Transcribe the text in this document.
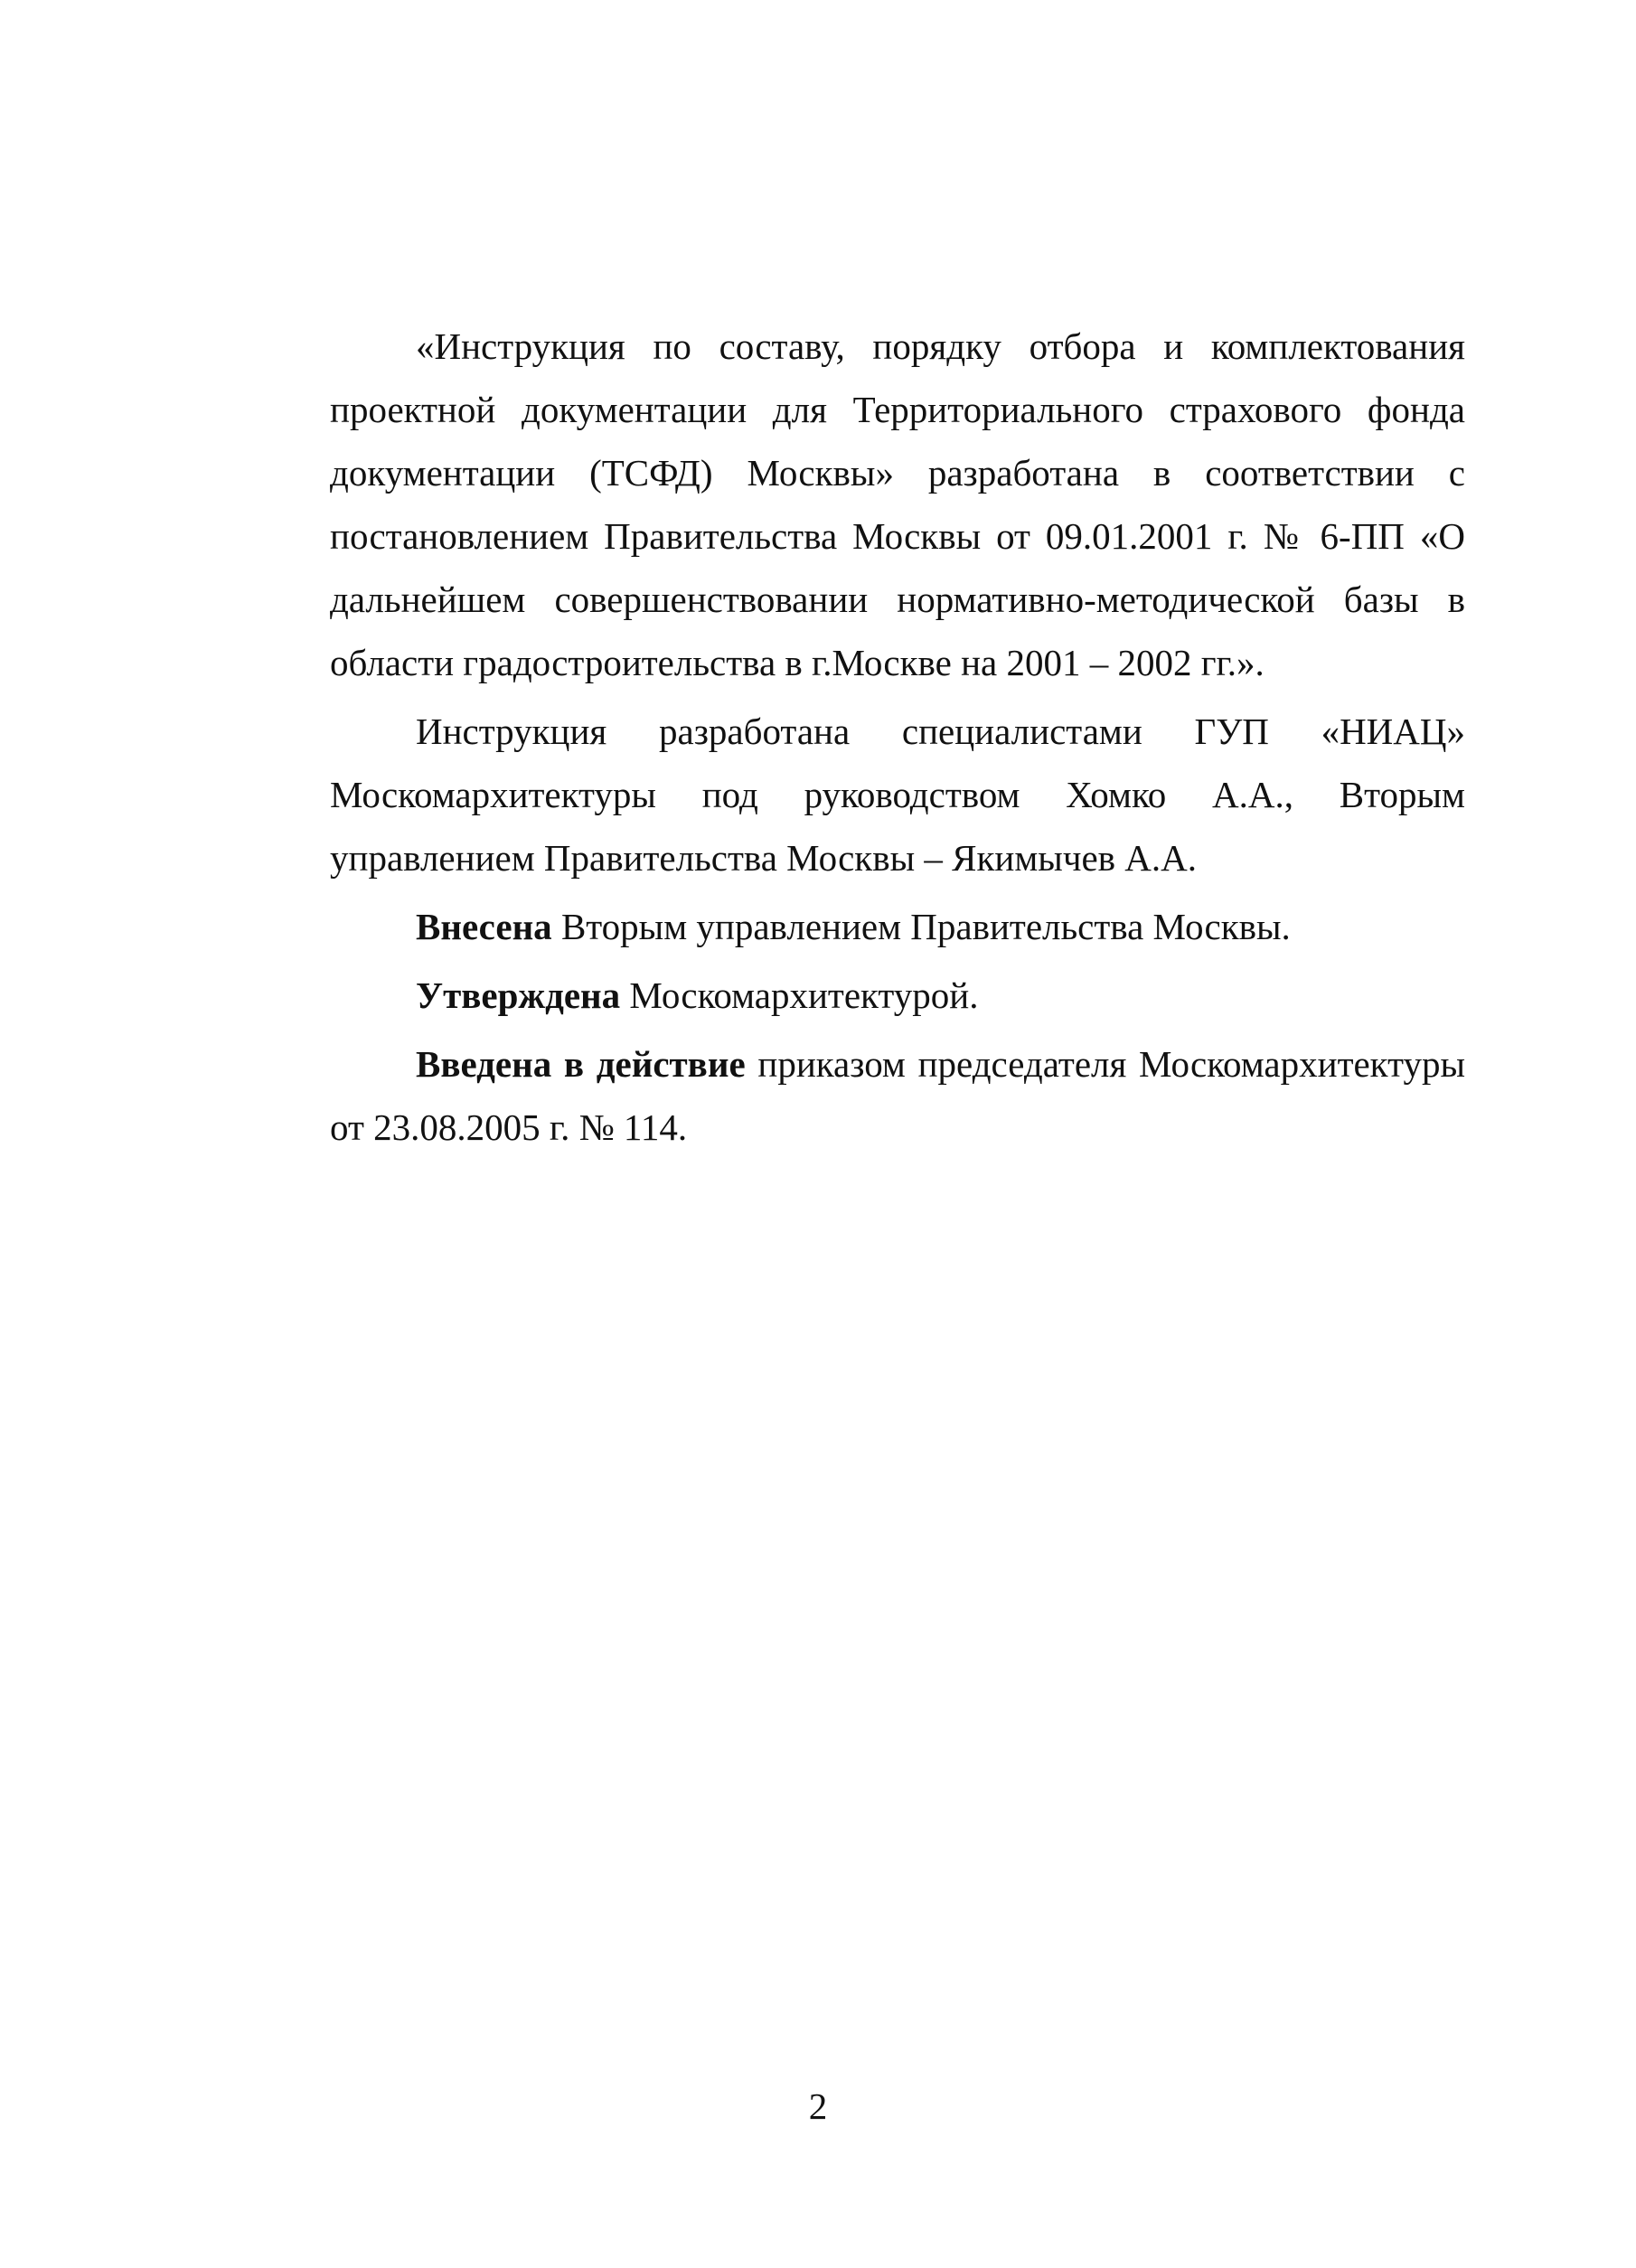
«Инструкция по составу, порядку отбора и комплектования проектной документации для Территориального страхового фонда документации (ТСФД) Москвы» разработана в соответствии с постановлением Правительства Москвы от 09.01.2001 г. № 6-ПП «О дальнейшем совершенствовании нормативно-методической базы в области градостроительства в г.Москве на 2001 – 2002 гг.».

Инструкция разработана специалистами ГУП «НИАЦ» Москомархитектуры под руководством Хомко А.А., Вторым управлением Правительства Москвы – Якимычев А.А.

Внесена Вторым управлением Правительства Москвы.

Утверждена Москомархитектурой.

Введена в действие приказом председателя Москомархитектуры от 23.08.2005 г. № 114.

2
